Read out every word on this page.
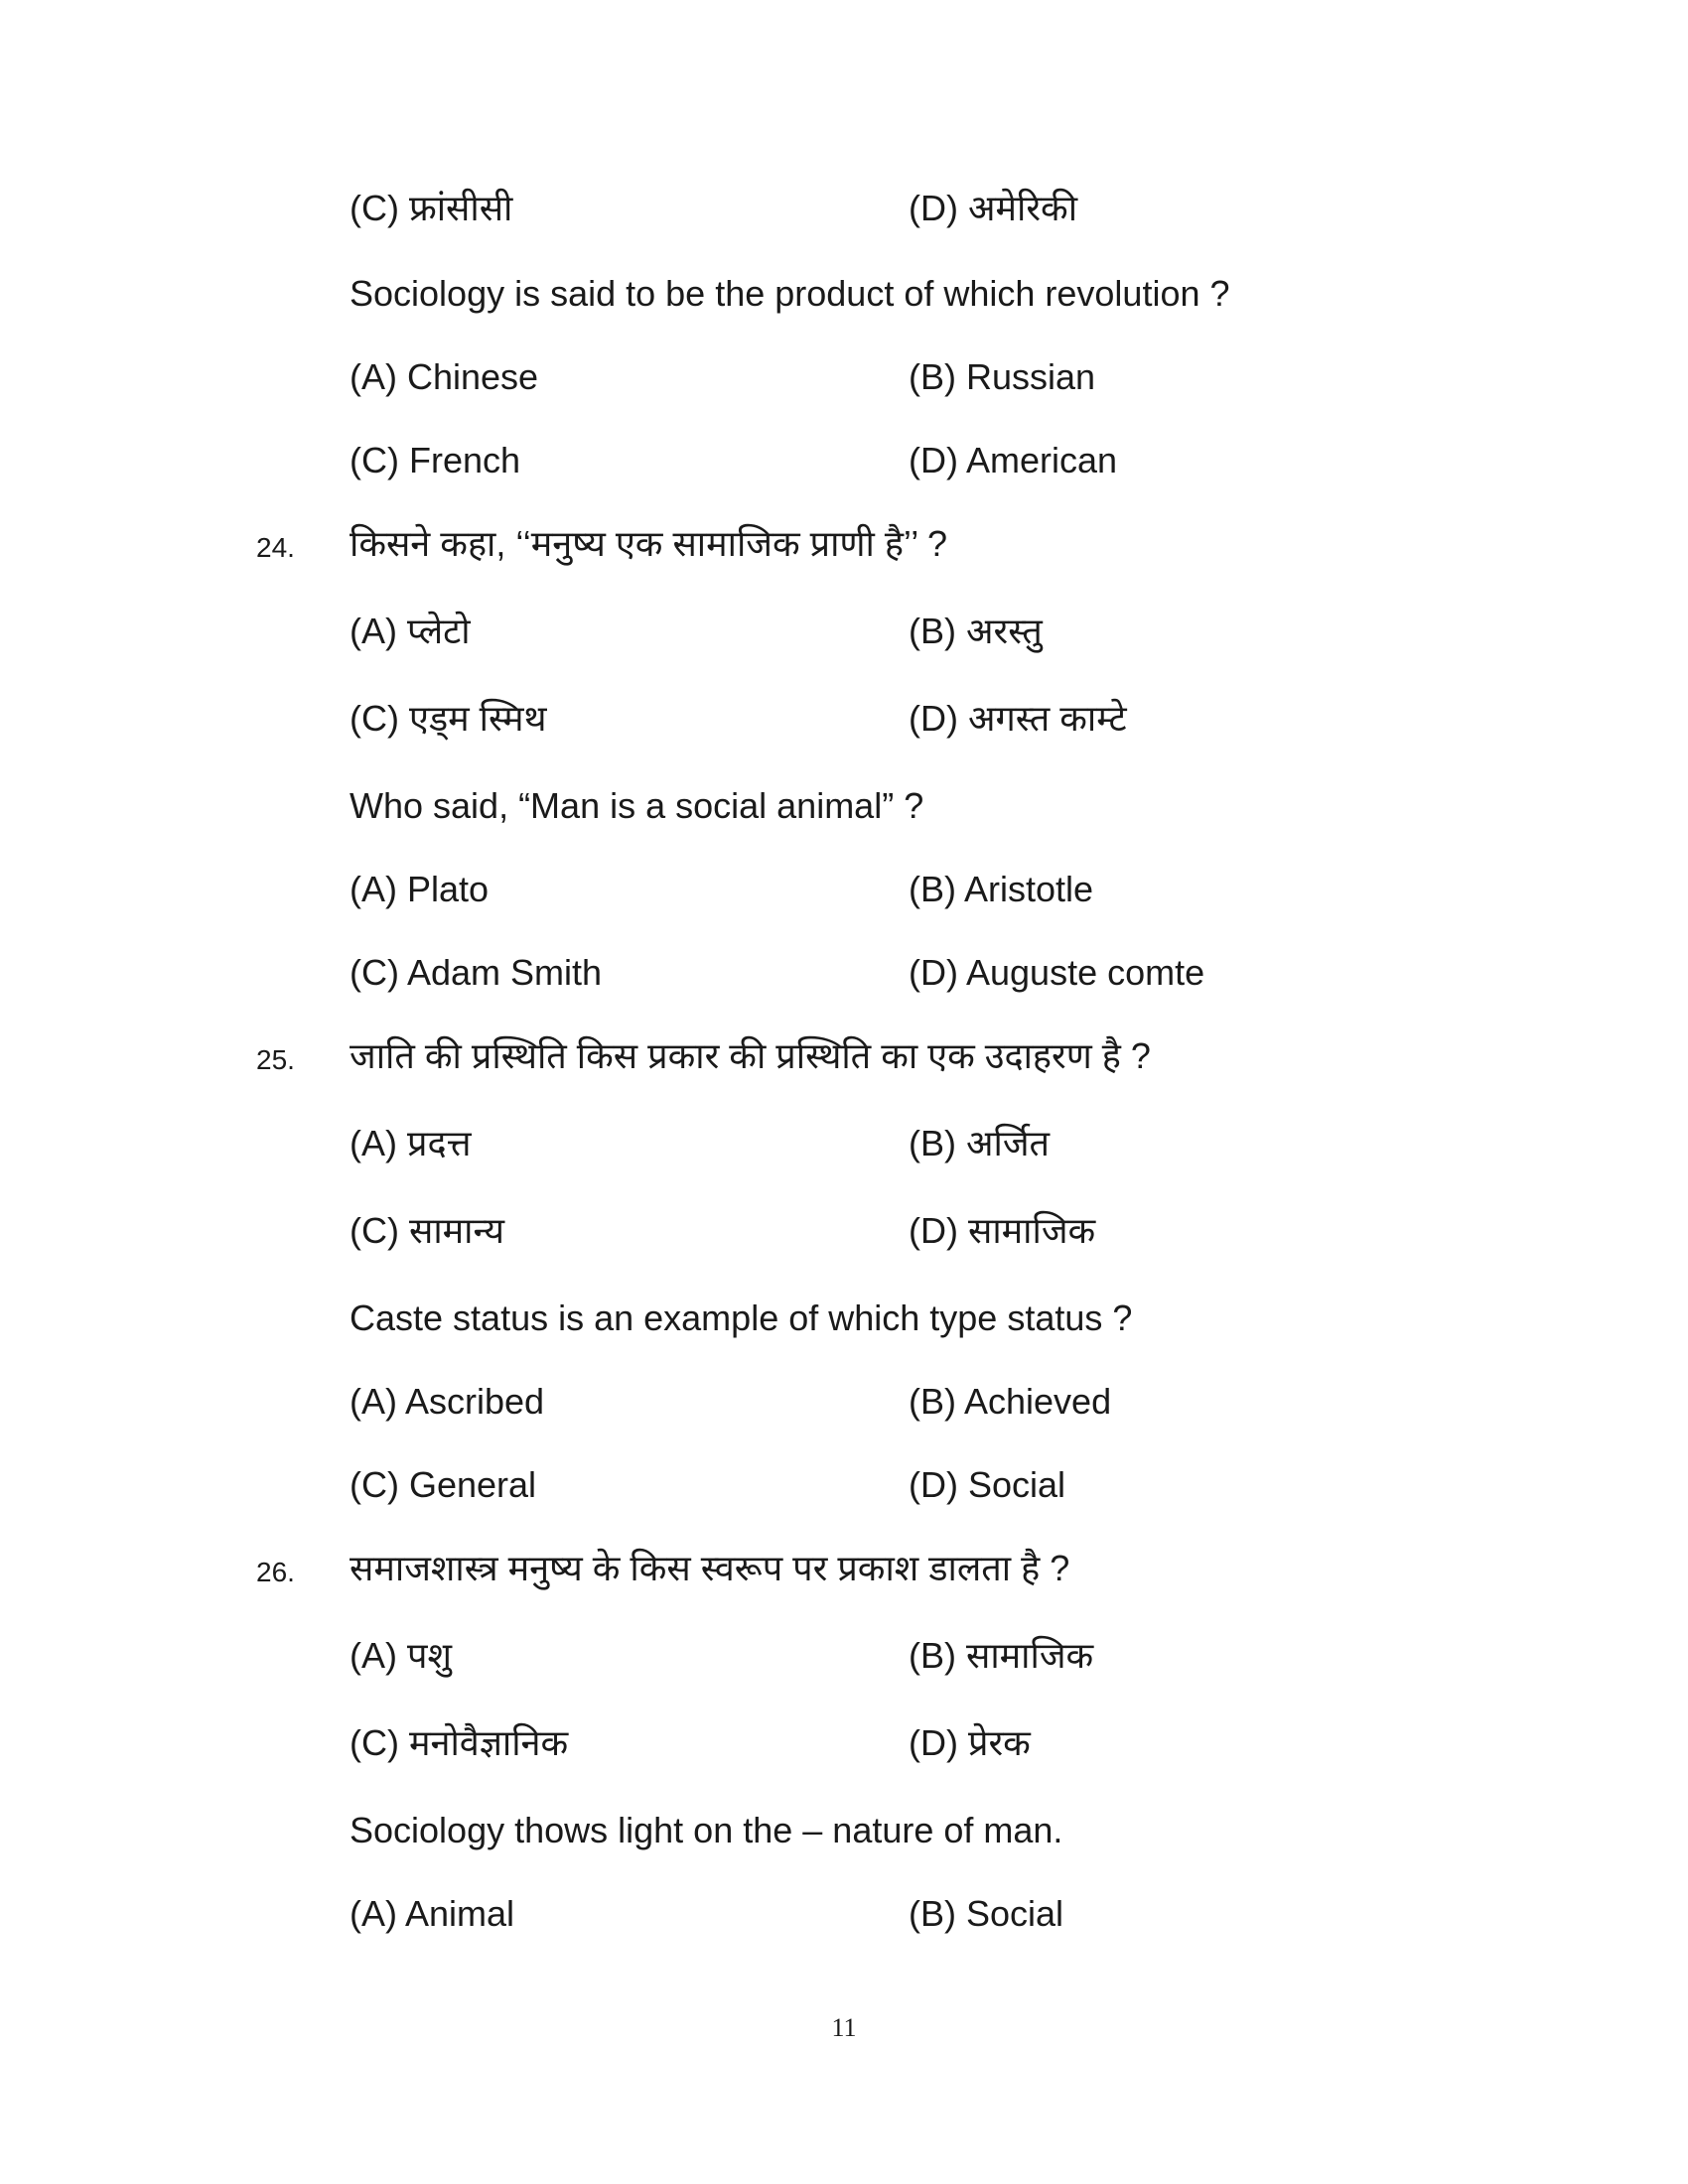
(C) फ्रांसीसी	(D) अमेरिकी
Sociology is said to be the product of which revolution ?
(A) Chinese	(B) Russian
(C) French	(D) American
24. किसने कहा, ‘‘मनुष्य एक सामाजिक प्राणी है’’ ?
(A) प्लेटो	(B) अरस्तु
(C) एड्म स्मिथ	(D) अगस्त काम्टे
Who said, “Man is a social animal” ?
(A) Plato	(B) Aristotle
(C) Adam Smith	(D) Auguste comte
25. जाति की प्रस्थिति किस प्रकार की प्रस्थिति का एक उदाहरण है ?
(A) प्रदत्त	(B) अर्जित
(C) सामान्य	(D) सामाजिक
Caste status is an example of which type status ?
(A) Ascribed	(B) Achieved
(C) General	(D) Social
26. समाजशास्त्र मनुष्य के किस स्वरूप पर प्रकाश डालता है ?
(A) पशु	(B) सामाजिक
(C) मनोवैज्ञानिक	(D) प्रेरक
Sociology thows light on the – nature of man.
(A) Animal	(B) Social
11
